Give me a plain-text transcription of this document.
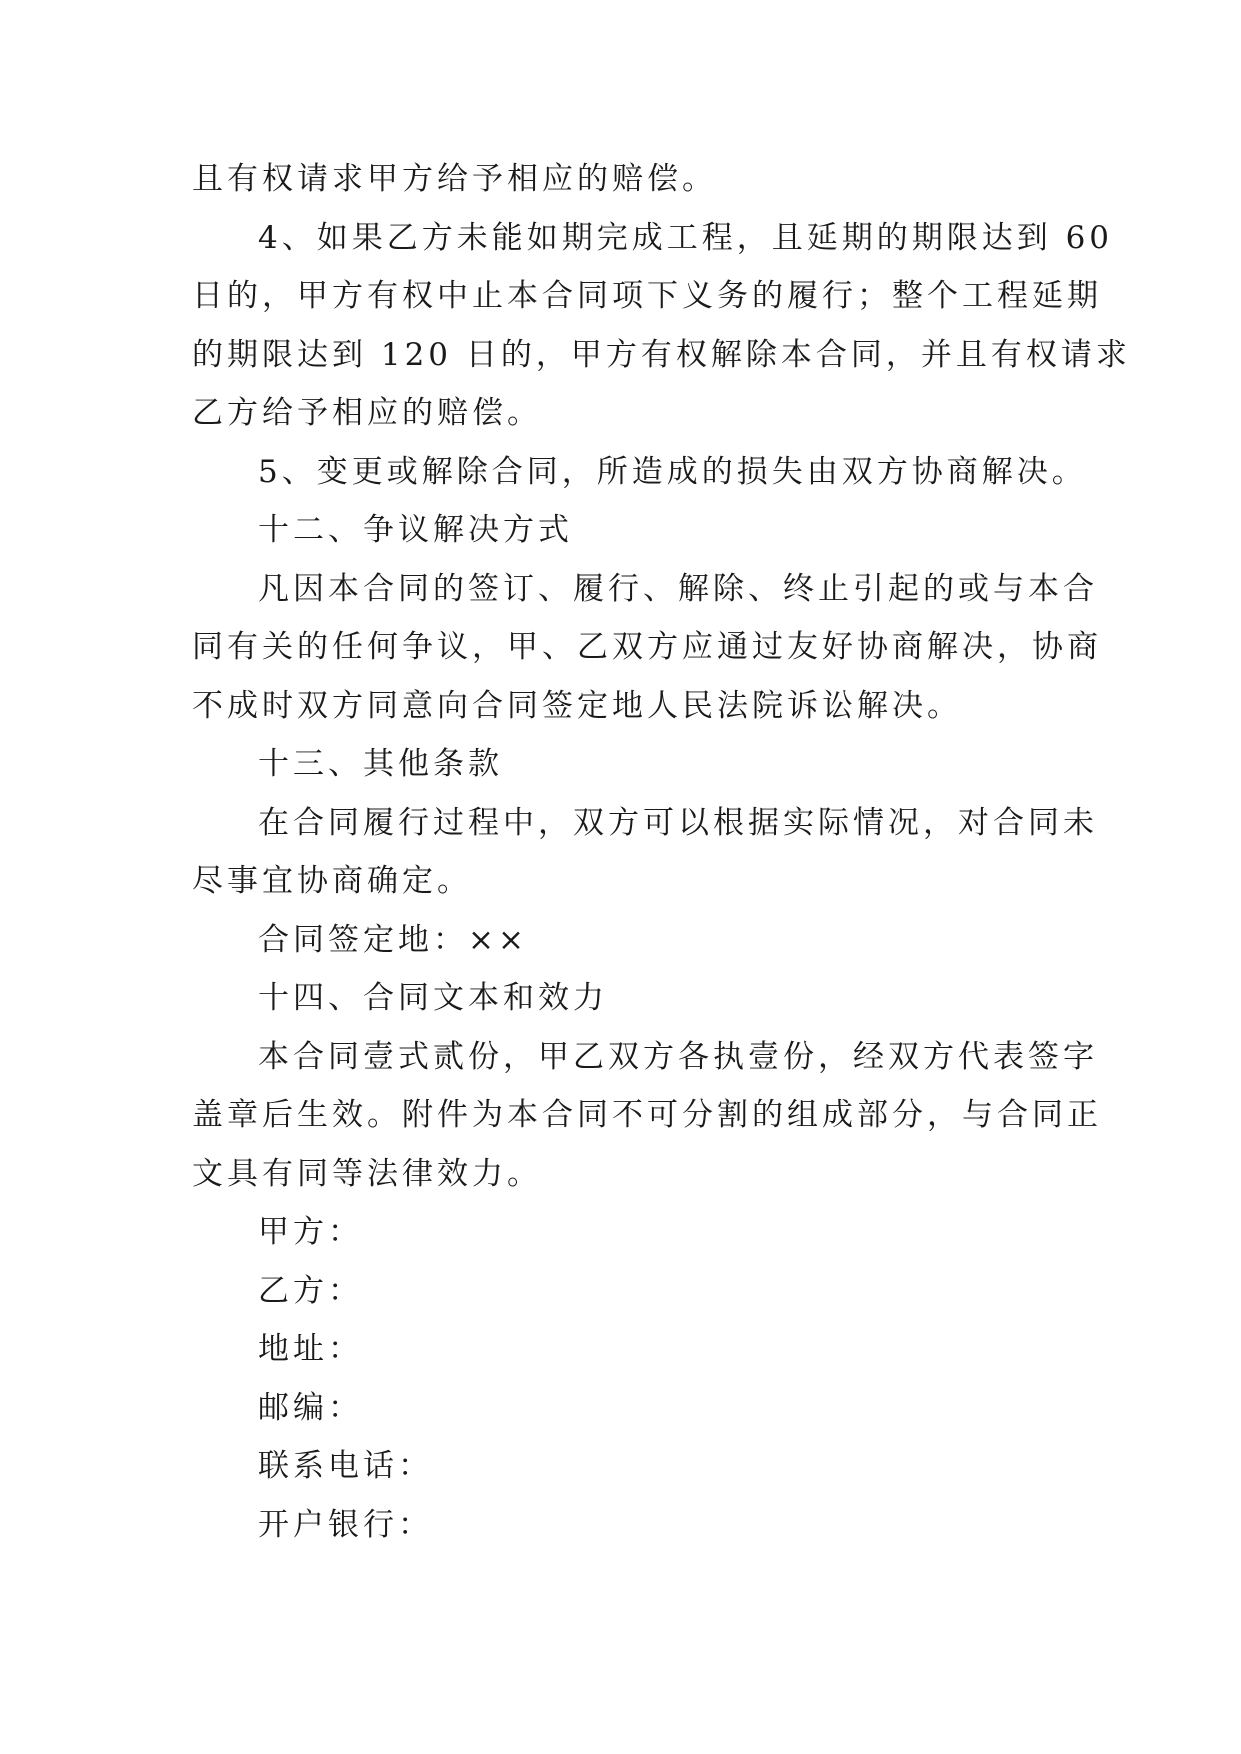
且有权请求甲方给予相应的赔偿。
4、如果乙方未能如期完成工程，且延期的期限达到 60
日的，甲方有权中止本合同项下义务的履行；整个工程延期
的期限达到 120 日的，甲方有权解除本合同，并且有权请求
乙方给予相应的赔偿。
5、变更或解除合同，所造成的损失由双方协商解决。
十二、争议解决方式
凡因本合同的签订、履行、解除、终止引起的或与本合
同有关的任何争议，甲、乙双方应通过友好协商解决，协商
不成时双方同意向合同签定地人民法院诉讼解决。
十三、其他条款
在合同履行过程中，双方可以根据实际情况，对合同未
尽事宜协商确定。
合同签定地：××
十四、合同文本和效力
本合同壹式贰份，甲乙双方各执壹份，经双方代表签字
盖章后生效。附件为本合同不可分割的组成部分，与合同正
文具有同等法律效力。
甲方：
乙方：
地址：
邮编：
联系电话：
开户银行：
